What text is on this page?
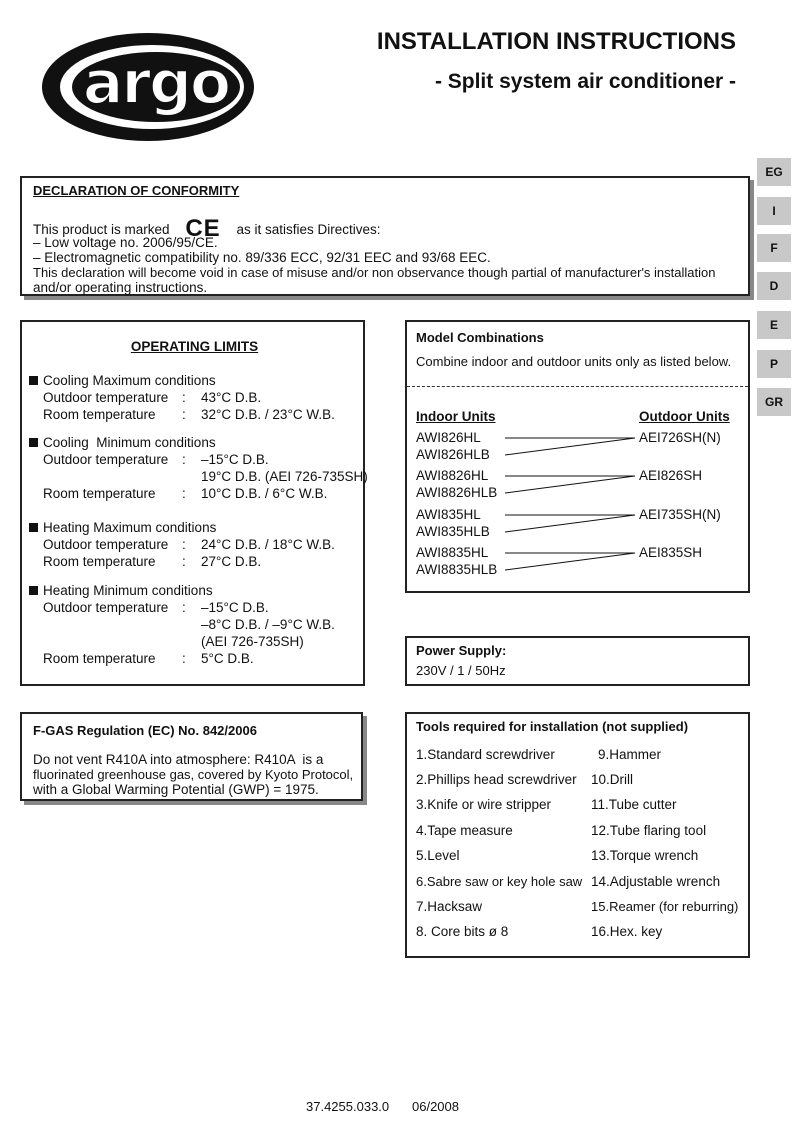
argo
INSTALLATION INSTRUCTIONS
- Split system air conditioner -
EG
I
F
D
E
P
GR
DECLARATION OF CONFORMITY
This product is marked CE as it satisfies Directives:
– Low voltage no. 2006/95/CE.
– Electromagnetic compatibility no. 89/336 ECC, 92/31 EEC and 93/68 EEC.
This declaration will become void in case of misuse and/or non observance though partial of manufacturer's installation
and/or operating instructions.
OPERATING LIMITS
Cooling Maximum conditions
Outdoor temperature : 43°C D.B.
Room temperature : 32°C D.B. / 23°C W.B.
Cooling  Minimum conditions
Outdoor temperature : –15°C D.B.
19°C D.B. (AEI 726-735SH)
Room temperature : 10°C D.B. / 6°C W.B.
Heating Maximum conditions
Outdoor temperature : 24°C D.B. / 18°C W.B.
Room temperature : 27°C D.B.
Heating Minimum conditions
Outdoor temperature : –15°C D.B.
–8°C D.B. / –9°C W.B.
(AEI 726-735SH)
Room temperature : 5°C D.B.
F-GAS Regulation (EC) No. 842/2006
Do not vent R410A into atmosphere: R410A  is a
fluorinated greenhouse gas, covered by Kyoto Protocol,
with a Global Warming Potential (GWP) = 1975.
Model Combinations
Combine indoor and outdoor units only as listed below.
Indoor Units	Outdoor Units
AWI826HL
AWI826HLB
AEI726SH(N)
AWI8826HL
AWI8826HLB
AEI826SH
AWI835HL
AWI835HLB
AEI735SH(N)
AWI8835HL
AWI8835HLB
AEI835SH
Power Supply:
230V / 1 / 50Hz
Tools required for installation (not supplied)
1.Standard screwdriver
2.Phillips head screwdriver
3.Knife or wire stripper
4.Tape measure
5.Level
6.Sabre saw or key hole saw
7.Hacksaw
8. Core bits ø 8
9.Hammer
10.Drill
11.Tube cutter
12.Tube flaring tool
13.Torque wrench
14.Adjustable wrench
15.Reamer (for reburring)
16.Hex. key
37.4255.033.0 06/2008
